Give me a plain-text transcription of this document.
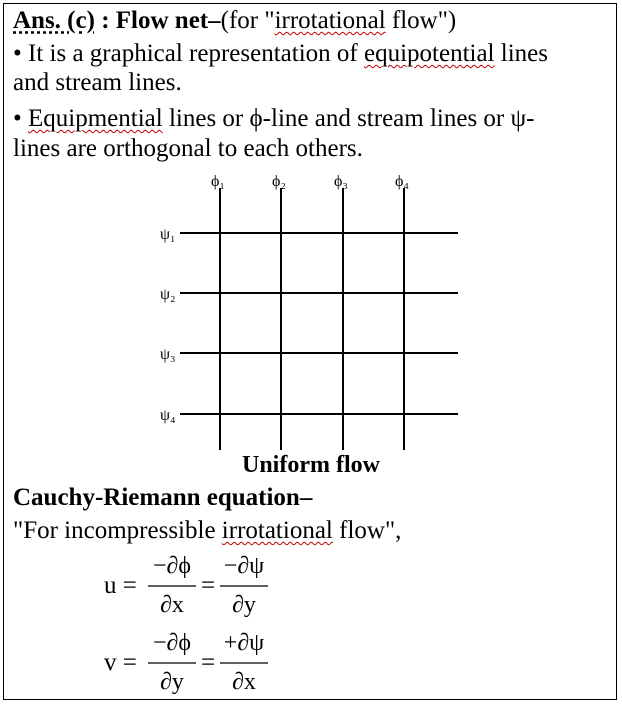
Ans. (c) : Flow net–(for "irrotational flow")
• It is a graphical representation of equipotential lines
and stream lines.
• Equipmential lines or ϕ-line and stream lines or ψ-
lines are orthogonal to each others.
ϕ₁	ϕ₂	ϕ₃	ϕ₄
ψ₁
ψ₂
ψ₃
ψ₄
Uniform flow
Cauchy-Riemann equation–
"For incompressible irrotational flow",
u =
−∂ϕ
∂x
=
−∂ψ
∂y
v =
−∂ϕ
∂y
=
+∂ψ
∂x
